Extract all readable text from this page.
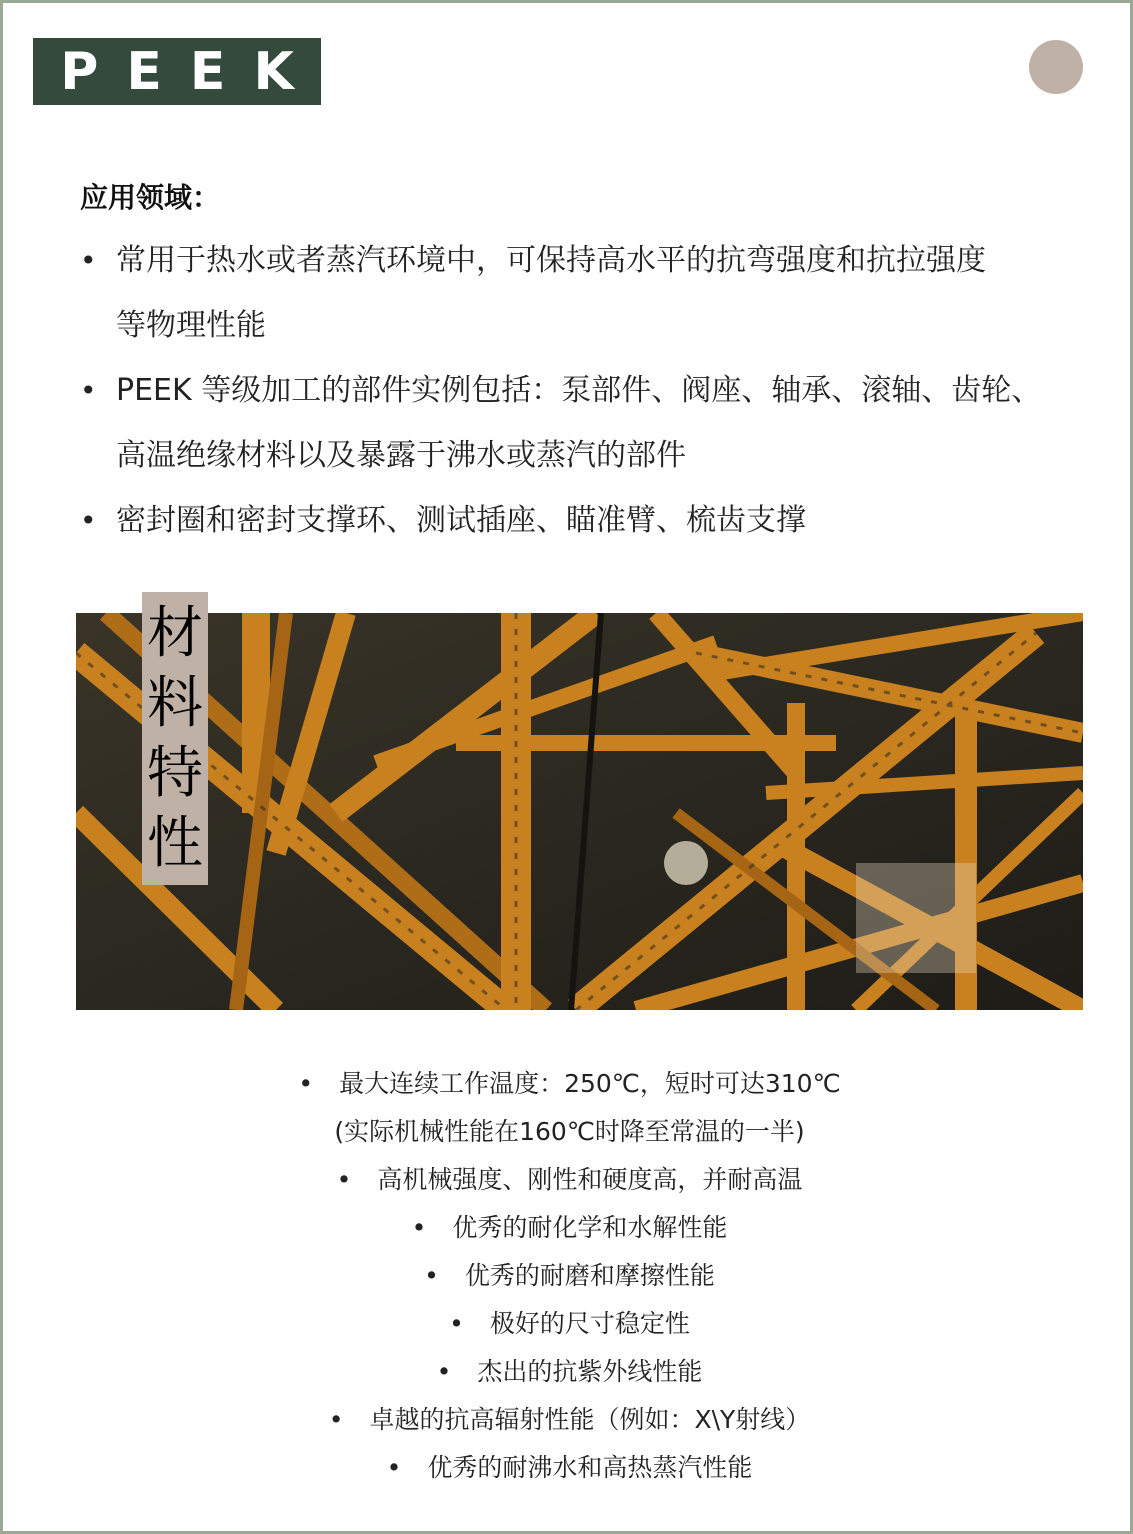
P E E K
应用领域：
• 常用于热水或者蒸汽环境中，可保持高水平的抗弯强度和抗拉强度
等物理性能
• PEEK 等级加工的部件实例包括：泵部件、阀座、轴承、滚轴、齿轮、
高温绝缘材料以及暴露于沸水或蒸汽的部件
• 密封圈和密封支撑环、测试插座、瞄准臂、梳齿支撑
材
料
特
性
• 最大连续工作温度：250℃，短时可达310℃
(实际机械性能在160℃时降至常温的一半)
• 高机械强度、刚性和硬度高，并耐高温
• 优秀的耐化学和水解性能
• 优秀的耐磨和摩擦性能
• 极好的尺寸稳定性
• 杰出的抗紫外线性能
• 卓越的抗高辐射性能（例如：X\Y射线）
• 优秀的耐沸水和高热蒸汽性能
